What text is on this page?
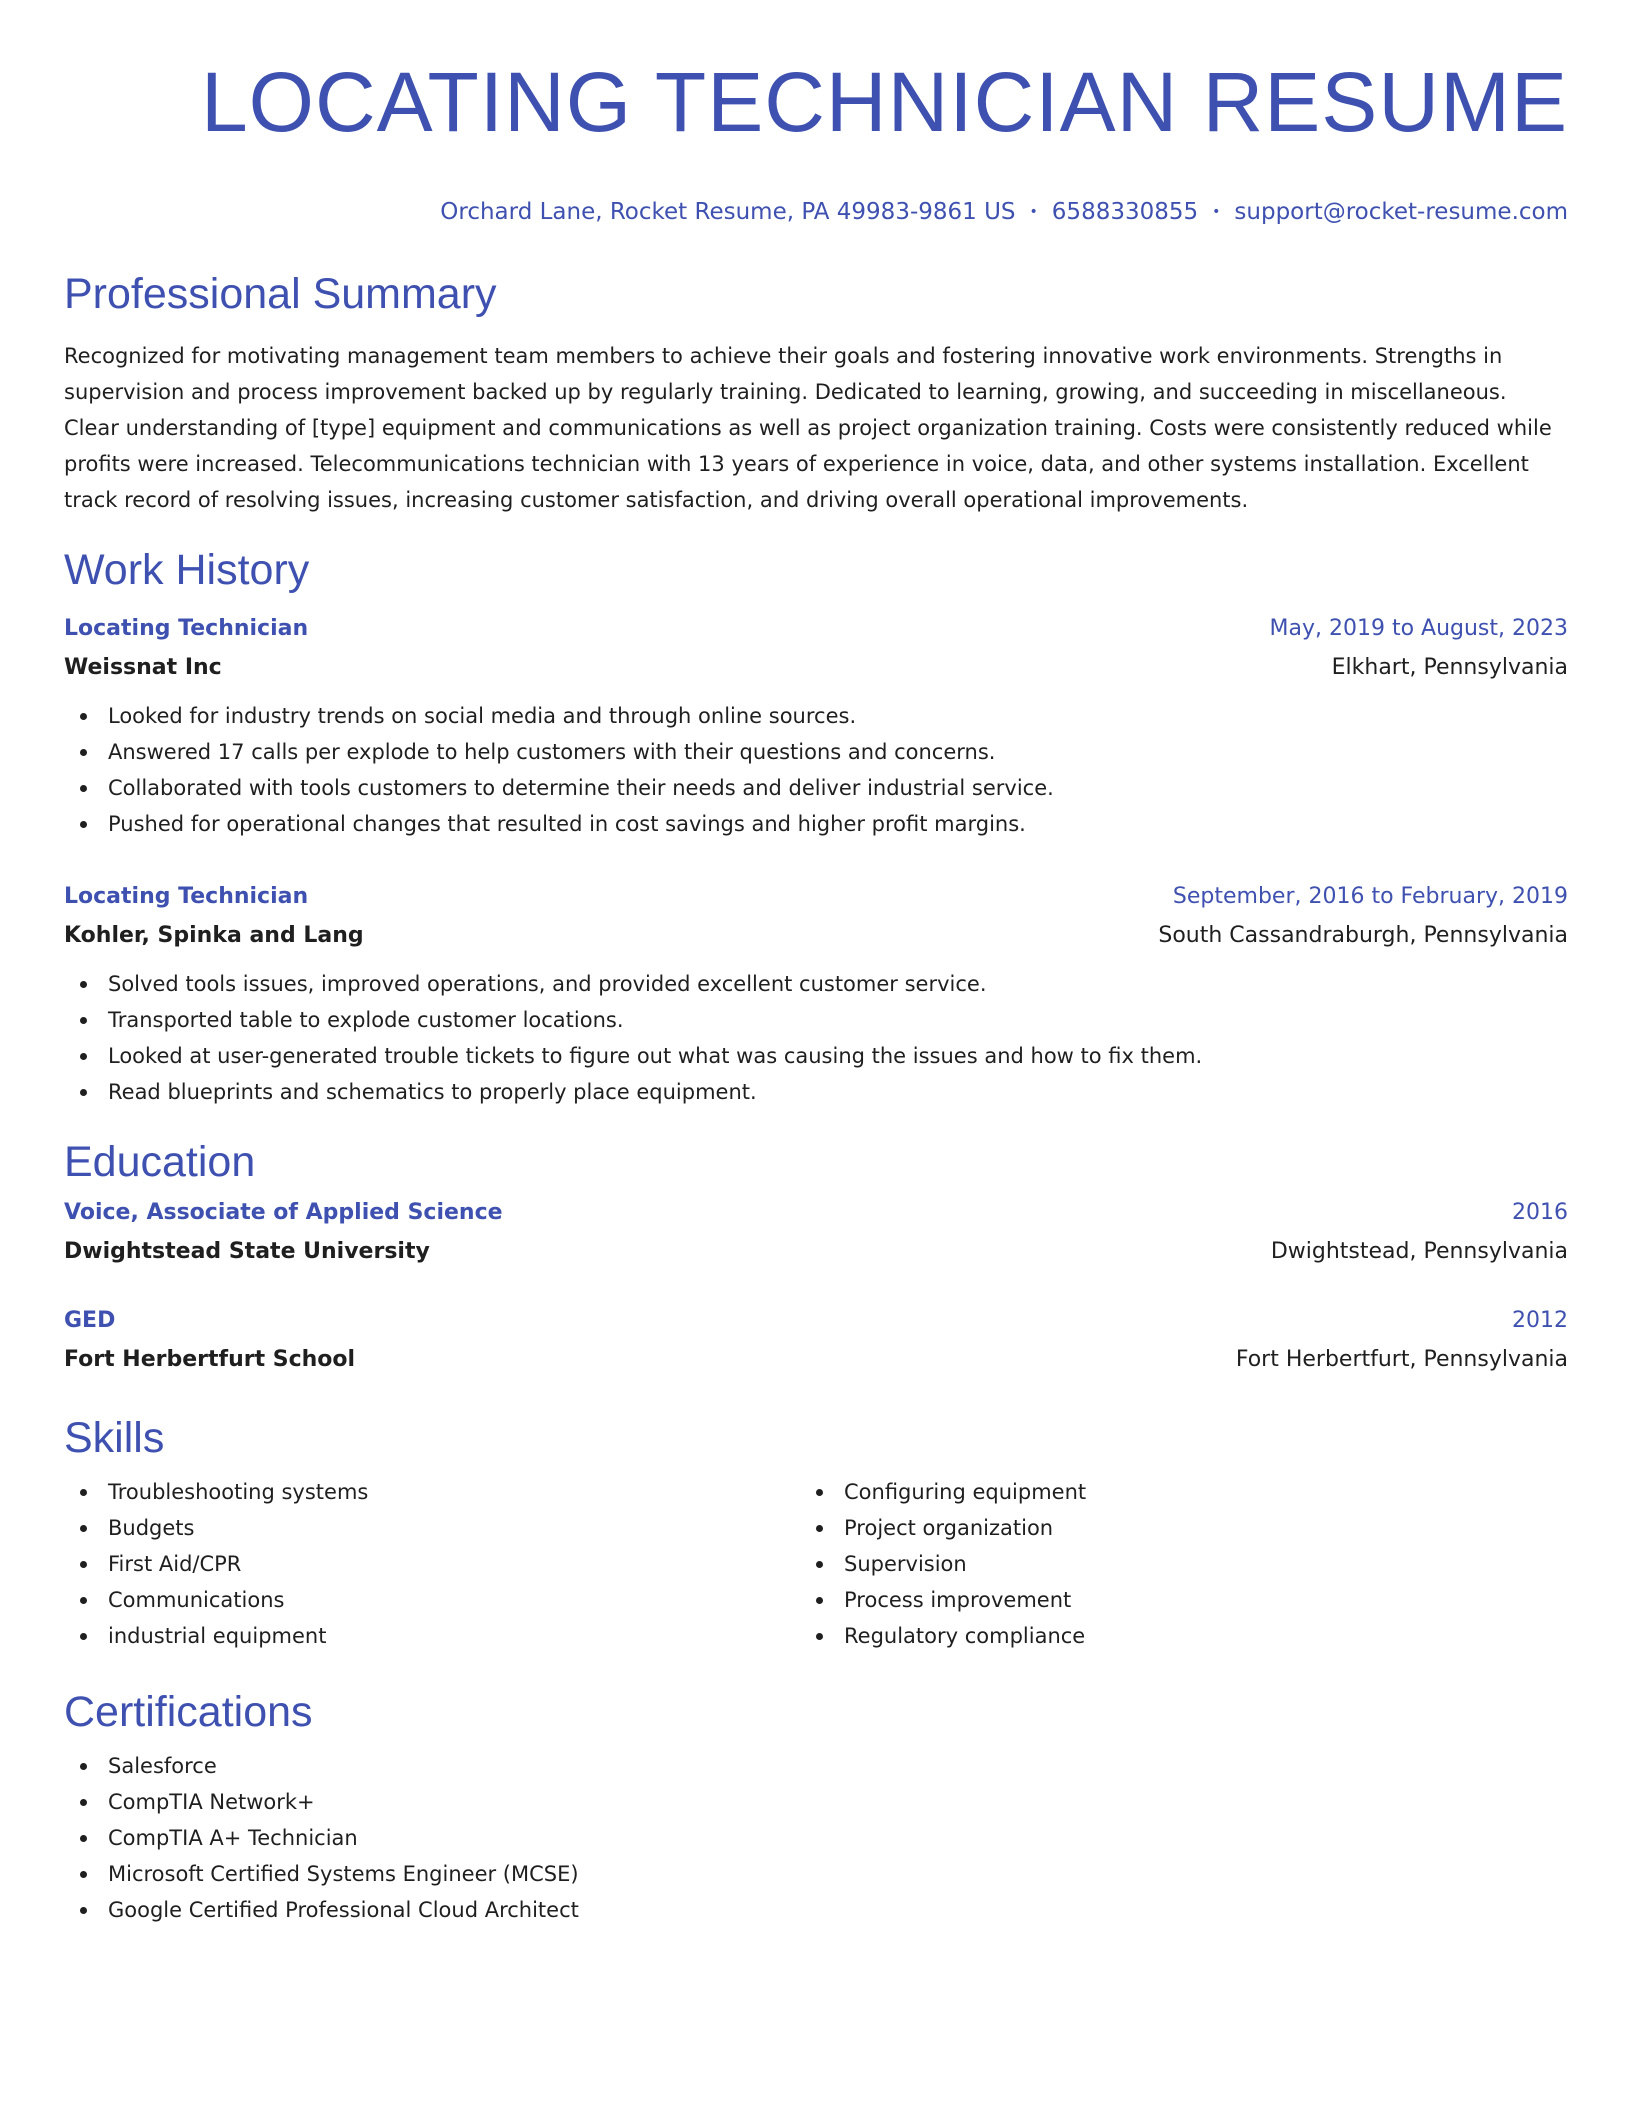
LOCATING TECHNICIAN RESUME
Orchard Lane, Rocket Resume, PA 49983-9861 US • 6588330855 • support@rocket-resume.com
Professional Summary

Recognized for motivating management team members to achieve their goals and fostering innovative work environments. Strengths in supervision and process improvement backed up by regularly training. Dedicated to learning, growing, and succeeding in miscellaneous. Clear understanding of [type] equipment and communications as well as project organization training. Costs were consistently reduced while profits were increased. Telecommunications technician with 13 years of experience in voice, data, and other systems installation. Excellent track record of resolving issues, increasing customer satisfaction, and driving overall operational improvements.

Work History
Locating Technician	May, 2019 to August, 2023
Weissnat Inc	Elkhart, Pennsylvania
Looked for industry trends on social media and through online sources.
Answered 17 calls per explode to help customers with their questions and concerns.
Collaborated with tools customers to determine their needs and deliver industrial service.
Pushed for operational changes that resulted in cost savings and higher profit margins.
Locating Technician	September, 2016 to February, 2019
Kohler, Spinka and Lang	South Cassandraburgh, Pennsylvania
Solved tools issues, improved operations, and provided excellent customer service.
Transported table to explode customer locations.
Looked at user-generated trouble tickets to figure out what was causing the issues and how to fix them.
Read blueprints and schematics to properly place equipment.
Education
Voice, Associate of Applied Science	2016
Dwightstead State University	Dwightstead, Pennsylvania
GED	2012
Fort Herbertfurt School	Fort Herbertfurt, Pennsylvania
Skills
Troubleshooting systems
Budgets
First Aid/CPR
Communications
industrial equipment
Configuring equipment
Project organization
Supervision
Process improvement
Regulatory compliance
Certifications
Salesforce
CompTIA Network+
CompTIA A+ Technician
Microsoft Certified Systems Engineer (MCSE)
Google Certified Professional Cloud Architect
